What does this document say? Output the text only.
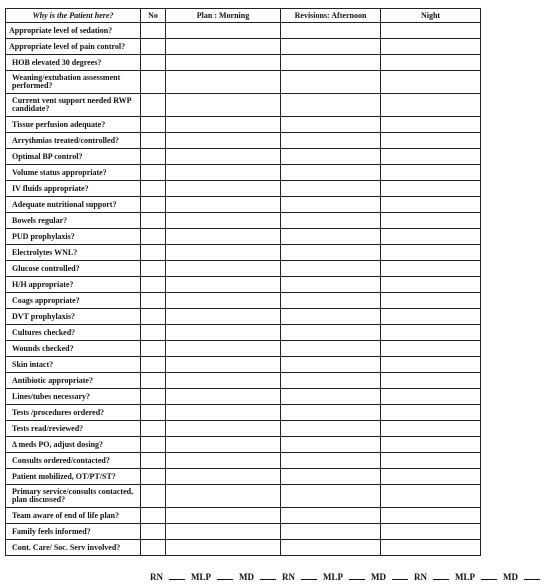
Why is the Patient here?	No	Plan : Morning	Revisions: Afternoon	Night
Appropriate level of sedation?				
Appropriate level of pain control?				
HOB elevated 30 degrees?				
Weaning/extubation assessment performed?				
Current vent support needed RWP candidate?				
Tissue perfusion adequate?				
Arrythmias treated/controlled?				
Optimal BP control?				
Volume status appropriate?				
IV fluids appropriate?				
Adequate nutritional support?				
Bowels regular?				
PUD prophylaxis?				
Electrolytes WNL?				
Glucose controlled?				
H/H appropriate?				
Coags appropriate?				
DVT prophylaxis?				
Cultures checked?				
Wounds checked?				
Skin intact?				
Antibiotic appropriate?				
Lines/tubes necessary?				
Tests /procedures ordered?				
Tests read/reviewed?				
Δ meds PO, adjust dosing?				
Consults ordered/contacted?				
Patient mobilized, OT/PT/ST?				
Primary service/consults contacted, plan discussed?				
Team aware of end of life plan?				
Family feels informed?				
Cont. Care/ Soc. Serv involved?				
RN	MLP	MD	RN	MLP	MD	RN	MLP	MD
